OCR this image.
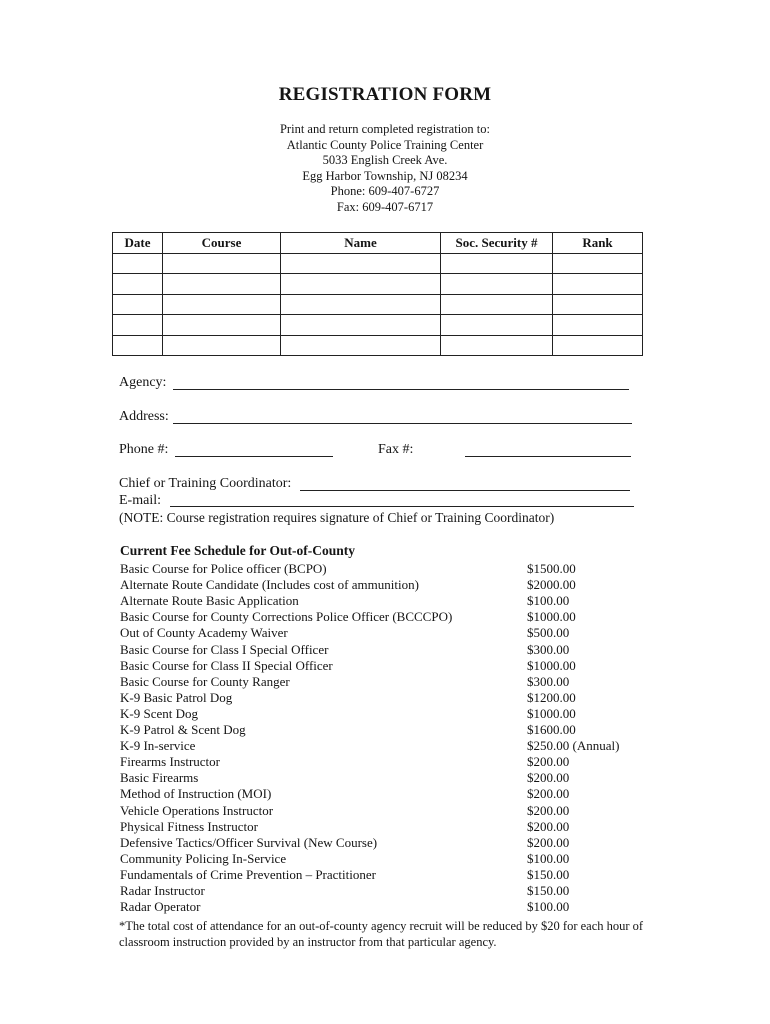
REGISTRATION FORM
Print and return completed registration to:
Atlantic County Police Training Center
5033 English Creek Ave.
Egg Harbor Township, NJ 08234
Phone: 609-407-6727
Fax: 609-407-6717
Date	Course	Name	Soc. Security #	Rank

Agency:
Address:
Phone #:	Fax #:
Chief or Training Coordinator:
E-mail:
(NOTE: Course registration requires signature of Chief or Training Coordinator)
Current Fee Schedule for Out-of-County
Basic Course for Police officer (BCPO)	$1500.00
Alternate Route Candidate (Includes cost of ammunition)	$2000.00
Alternate Route Basic Application	$100.00
Basic Course for County Corrections Police Officer (BCCCPO)	$1000.00
Out of County Academy Waiver	$500.00
Basic Course for Class I Special Officer	$300.00
Basic Course for Class II Special Officer	$1000.00
Basic Course for County Ranger	$300.00
K-9 Basic Patrol Dog	$1200.00
K-9 Scent Dog	$1000.00
K-9 Patrol & Scent Dog	$1600.00
K-9 In-service	$250.00 (Annual)
Firearms Instructor	$200.00
Basic Firearms	$200.00
Method of Instruction (MOI)	$200.00
Vehicle Operations Instructor	$200.00
Physical Fitness Instructor	$200.00
Defensive Tactics/Officer Survival (New Course)	$200.00
Community Policing In-Service	$100.00
Fundamentals of Crime Prevention – Practitioner	$150.00
Radar Instructor	$150.00
Radar Operator	$100.00
*The total cost of attendance for an out-of-county agency recruit will be reduced by $20 for each hour of classroom instruction provided by an instructor from that particular agency.
